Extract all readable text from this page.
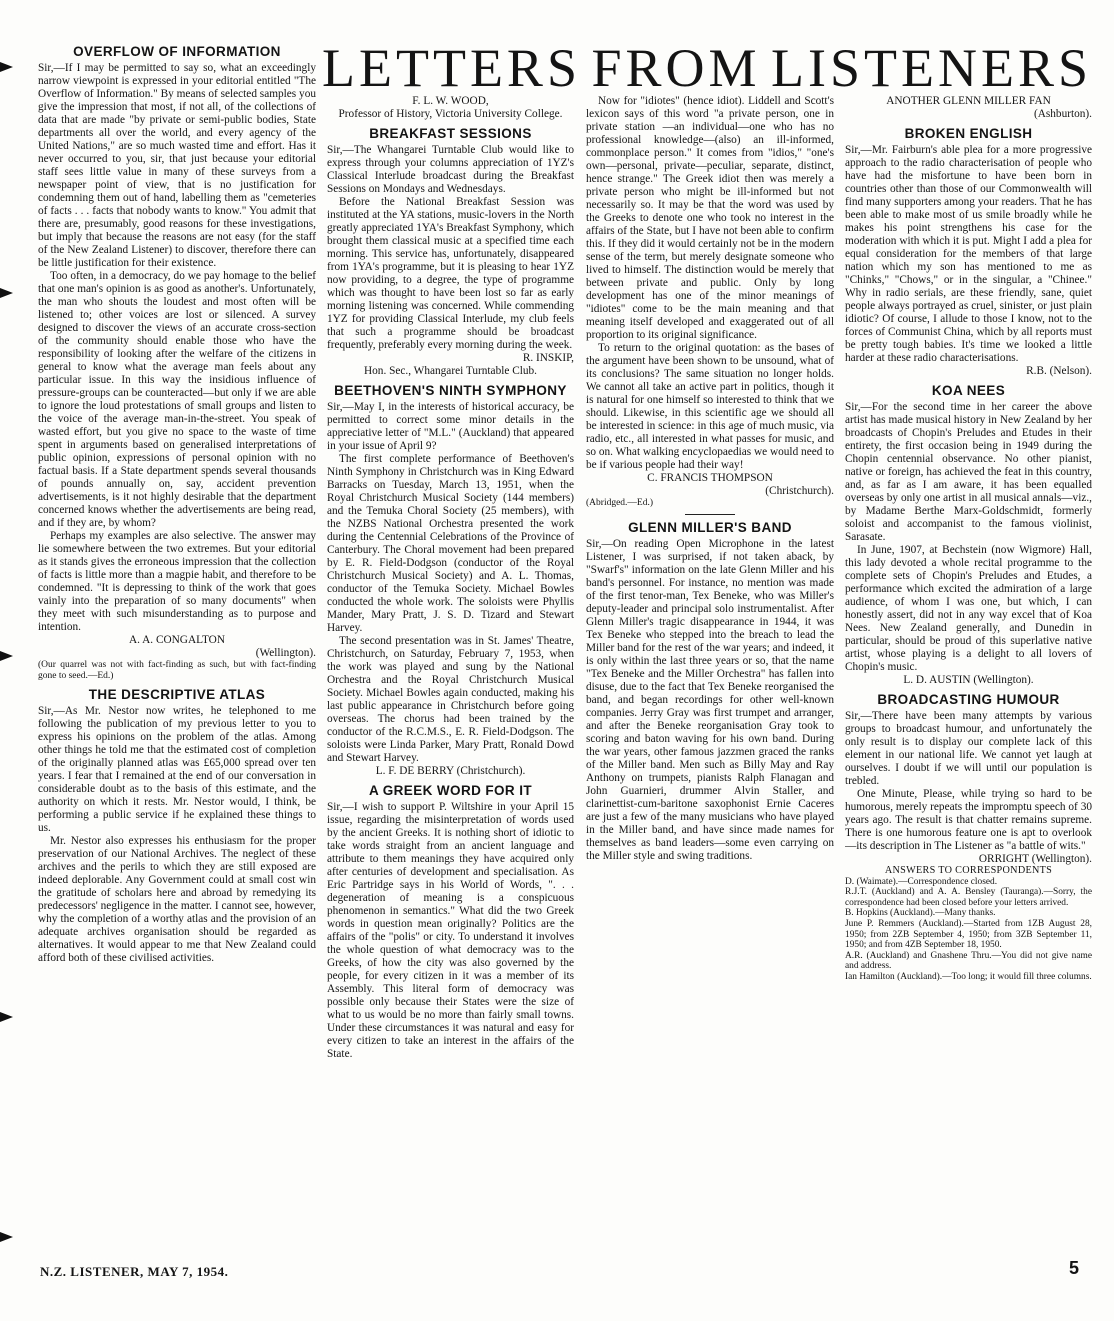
LETTERS FROM LISTENERS
OVERFLOW OF INFORMATION

Sir,—If I may be permitted to say so, what an exceedingly narrow viewpoint is expressed in your editorial entitled "The Overflow of Information." By means of selected samples you give the impression that most, if not all, of the collections of data that are made "by private or semi-public bodies, State departments all over the world, and every agency of the United Nations," are so much wasted time and effort. Has it never occurred to you, sir, that just because your editorial staff sees little value in many of these surveys from a newspaper point of view, that is no justification for condemning them out of hand, labelling them as "cemeteries of facts . . . facts that nobody wants to know." You admit that there are, presumably, good reasons for these investigations, but imply that because the reasons are not easy (for the staff of the New Zealand Listener) to discover, therefore there can be little justification for their existence.

Too often, in a democracy, do we pay homage to the belief that one man's opinion is as good as another's. Unfortunately, the man who shouts the loudest and most often will be listened to; other voices are lost or silenced. A survey designed to discover the views of an accurate cross-section of the community should enable those who have the responsibility of looking after the welfare of the citizens in general to know what the average man feels about any particular issue. In this way the insidious influence of pressure-groups can be counteracted—but only if we are able to ignore the loud protestations of small groups and listen to the voice of the average man-in-the-street. You speak of wasted effort, but you give no space to the waste of time spent in arguments based on generalised interpretations of public opinion, expressions of personal opinion with no factual basis. If a State department spends several thousands of pounds annually on, say, accident prevention advertisements, is it not highly desirable that the department concerned knows whether the advertisements are being read, and if they are, by whom?

Perhaps my examples are also selective. The answer may lie somewhere between the two extremes. But your editorial as it stands gives the erroneous impression that the collection of facts is little more than a magpie habit, and therefore to be condemned. "It is depressing to think of the work that goes vainly into the preparation of so many documents" when they meet with such misunderstanding as to purpose and intention.

A. A. CONGALTON

(Wellington).

(Our quarrel was not with fact-finding as such, but with fact-finding gone to seed.—Ed.)

THE DESCRIPTIVE ATLAS

Sir,—As Mr. Nestor now writes, he telephoned to me following the publication of my previous letter to you to express his opinions on the problem of the atlas. Among other things he told me that the estimated cost of completion of the originally planned atlas was £65,000 spread over ten years. I fear that I remained at the end of our conversation in considerable doubt as to the basis of this estimate, and the authority on which it rests. Mr. Nestor would, I think, be performing a public service if he explained these things to us.

Mr. Nestor also expresses his enthusiasm for the proper preservation of our National Archives. The neglect of these archives and the perils to which they are still exposed are indeed deplorable. Any Government could at small cost win the gratitude of scholars here and abroad by remedying its predecessors' negligence in the matter. I cannot see, however, why the completion of a worthy atlas and the provision of an adequate archives organisation should be regarded as alternatives. It would appear to me that New Zealand could afford both of these civilised activities.

F. L. W. WOOD,

Professor of History, Victoria University College.

BREAKFAST SESSIONS

Sir,—The Whangarei Turntable Club would like to express through your columns appreciation of 1YZ's Classical Interlude broadcast during the Breakfast Sessions on Mondays and Wednesdays.

Before the National Breakfast Session was instituted at the YA stations, music-lovers in the North greatly appreciated 1YA's Breakfast Symphony, which brought them classical music at a specified time each morning. This service has, unfortunately, disappeared from 1YA's programme, but it is pleasing to hear 1YZ now providing, to a degree, the type of programme which was thought to have been lost so far as early morning listening was concerned. While commending 1YZ for providing Classical Interlude, my club feels that such a programme should be broadcast frequently, preferably every morning during the week.

R. INSKIP,

Hon. Sec., Whangarei Turntable Club.

BEETHOVEN'S NINTH SYMPHONY

Sir,—May I, in the interests of historical accuracy, be permitted to correct some minor details in the appreciative letter of "M.L." (Auckland) that appeared in your issue of April 9?

The first complete performance of Beethoven's Ninth Symphony in Christchurch was in King Edward Barracks on Tuesday, March 13, 1951, when the Royal Christchurch Musical Society (144 members) and the Temuka Choral Society (25 members), with the NZBS National Orchestra presented the work during the Centennial Celebrations of the Province of Canterbury. The Choral movement had been prepared by E. R. Field-Dodgson (conductor of the Royal Christchurch Musical Society) and A. L. Thomas, conductor of the Temuka Society. Michael Bowles conducted the whole work. The soloists were Phyllis Mander, Mary Pratt, J. S. D. Tizard and Stewart Harvey.

The second presentation was in St. James' Theatre, Christchurch, on Saturday, February 7, 1953, when the work was played and sung by the National Orchestra and the Royal Christchurch Musical Society. Michael Bowles again conducted, making his last public appearance in Christchurch before going overseas. The chorus had been trained by the conductor of the R.C.M.S., E. R. Field-Dodgson. The soloists were Linda Parker, Mary Pratt, Ronald Dowd and Stewart Harvey.

L. F. DE BERRY (Christchurch).

A GREEK WORD FOR IT

Sir,—I wish to support P. Wiltshire in your April 15 issue, regarding the misinterpretation of words used by the ancient Greeks. It is nothing short of idiotic to take words straight from an ancient language and attribute to them meanings they have acquired only after centuries of development and specialisation. As Eric Partridge says in his World of Words, ". . . degeneration of meaning is a conspicuous phenomenon in semantics." What did the two Greek words in question mean originally? Politics are the affairs of the "polis" or city. To understand it involves the whole question of what democracy was to the Greeks, of how the city was also governed by the people, for every citizen in it was a member of its Assembly. This literal form of democracy was possible only because their States were the size of what to us would be no more than fairly small towns. Under these circumstances it was natural and easy for every citizen to take an interest in the affairs of the State.

Now for "idiotes" (hence idiot). Liddell and Scott's lexicon says of this word "a private person, one in private station —an individual—one who has no professional knowledge—(also) an ill-informed, commonplace person." It comes from "idios," "one's own—personal, private—peculiar, separate, distinct, hence strange." The Greek idiot then was merely a private person who might be ill-informed but not necessarily so. It may be that the word was used by the Greeks to denote one who took no interest in the affairs of the State, but I have not been able to confirm this. If they did it would certainly not be in the modern sense of the term, but merely designate someone who lived to himself. The distinction would be merely that between private and public. Only by long development has one of the minor meanings of "idiotes" come to be the main meaning and that meaning itself developed and exaggerated out of all proportion to its original significance.

To return to the original quotation: as the bases of the argument have been shown to be unsound, what of its conclusions? The same situation no longer holds. We cannot all take an active part in politics, though it is natural for one himself so interested to think that we should. Likewise, in this scientific age we should all be interested in science: in this age of much music, via radio, etc., all interested in what passes for music, and so on. What walking encyclopaedias we would need to be if various people had their way!

C. FRANCIS THOMPSON

(Christchurch).

(Abridged.—Ed.)

GLENN MILLER'S BAND

Sir,—On reading Open Microphone in the latest Listener, I was surprised, if not taken aback, by "Swarf's" information on the late Glenn Miller and his band's personnel. For instance, no mention was made of the first tenor-man, Tex Beneke, who was Miller's deputy-leader and principal solo instrumentalist. After Glenn Miller's tragic disappearance in 1944, it was Tex Beneke who stepped into the breach to lead the Miller band for the rest of the war years; and indeed, it is only within the last three years or so, that the name "Tex Beneke and the Miller Orchestra" has fallen into disuse, due to the fact that Tex Beneke reorganised the band, and began recordings for other well-known companies. Jerry Gray was first trumpet and arranger, and after the Beneke reorganisation Gray took to scoring and baton waving for his own band. During the war years, other famous jazzmen graced the ranks of the Miller band. Men such as Billy May and Ray Anthony on trumpets, pianists Ralph Flanagan and John Guarnieri, drummer Alvin Staller, and clarinettist-cum-baritone saxophonist Ernie Caceres are just a few of the many musicians who have played in the Miller band, and have since made names for themselves as band leaders—some even carrying on the Miller style and swing traditions.

ANOTHER GLENN MILLER FAN

(Ashburton).

BROKEN ENGLISH

Sir,—Mr. Fairburn's able plea for a more progressive approach to the radio characterisation of people who have had the misfortune to have been born in countries other than those of our Commonwealth will find many supporters among your readers. That he has been able to make most of us smile broadly while he makes his point strengthens his case for the moderation with which it is put. Might I add a plea for equal consideration for the members of that large nation which my son has mentioned to me as "Chinks," "Chows," or in the singular, a "Chinee." Why in radio serials, are these friendly, sane, quiet people always portrayed as cruel, sinister, or just plain idiotic? Of course, I allude to those I know, not to the forces of Communist China, which by all reports must be pretty tough babies. It's time we looked a little harder at these radio characterisations.

R.B. (Nelson).

KOA NEES

Sir,—For the second time in her career the above artist has made musical history in New Zealand by her broadcasts of Chopin's Preludes and Etudes in their entirety, the first occasion being in 1949 during the Chopin centennial observance. No other pianist, native or foreign, has achieved the feat in this country, and, as far as I am aware, it has been equalled overseas by only one artist in all musical annals—viz., by Madame Berthe Marx-Goldschmidt, formerly soloist and accompanist to the famous violinist, Sarasate.

In June, 1907, at Bechstein (now Wigmore) Hall, this lady devoted a whole recital programme to the complete sets of Chopin's Preludes and Etudes, a performance which excited the admiration of a large audience, of whom I was one, but which, I can honestly assert, did not in any way excel that of Koa Nees. New Zealand generally, and Dunedin in particular, should be proud of this superlative native artist, whose playing is a delight to all lovers of Chopin's music.

L. D. AUSTIN (Wellington).

BROADCASTING HUMOUR

Sir,—There have been many attempts by various groups to broadcast humour, and unfortunately the only result is to display our complete lack of this element in our national life. We cannot yet laugh at ourselves. I doubt if we will until our population is trebled.

One Minute, Please, while trying so hard to be humorous, merely repeats the impromptu speech of 30 years ago. The result is that chatter remains supreme. There is one humorous feature one is apt to overlook—its description in The Listener as "a battle of wits."

ORRIGHT (Wellington).

ANSWERS TO CORRESPONDENTS

D. (Waimate).—Correspondence closed.

R.J.T. (Auckland) and A. A. Bensley (Tauranga).—Sorry, the correspondence had been closed before your letters arrived.

B. Hopkins (Auckland).—Many thanks.

June P. Remmers (Auckland).—Started from 1ZB August 28, 1950; from 2ZB September 4, 1950; from 3ZB September 11, 1950; and from 4ZB September 18, 1950.

A.R. (Auckland) and Gnashene Thru.—You did not give name and address.

Ian Hamilton (Auckland).—Too long; it would fill three columns.

N.Z. LISTENER, MAY 7, 1954.	5
